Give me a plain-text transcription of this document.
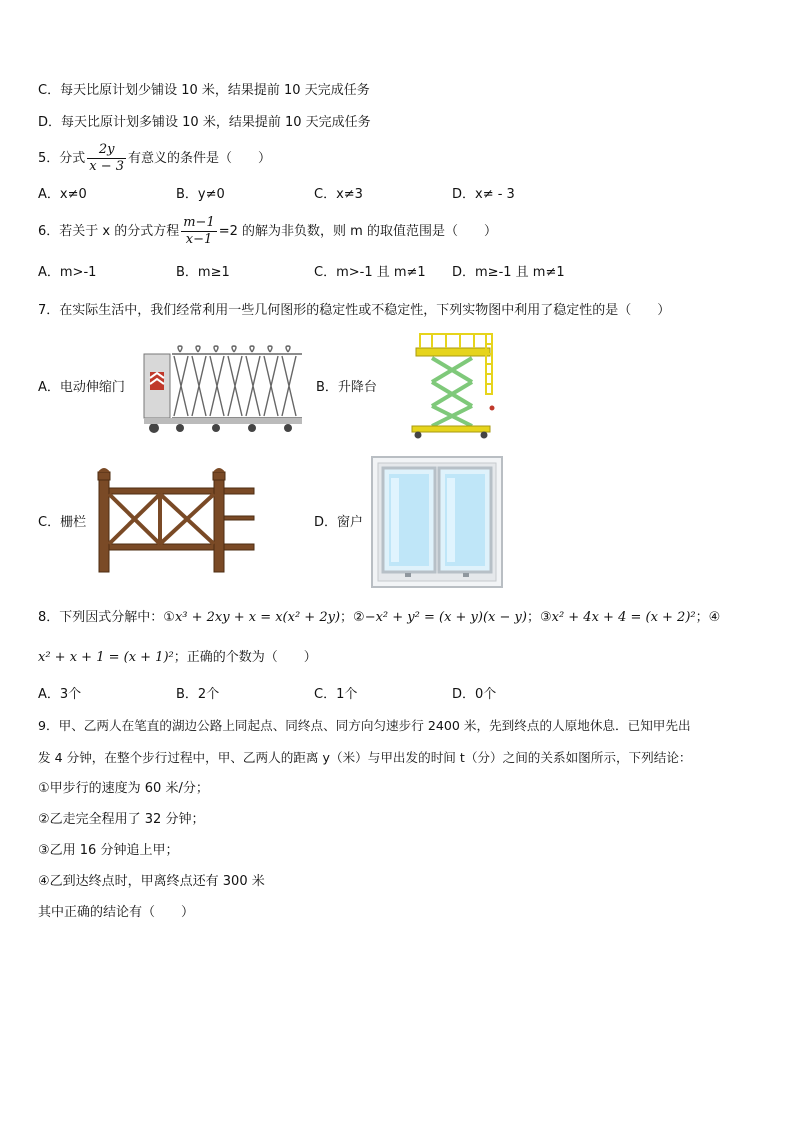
C．每天比原计划少铺设 10 米，结果提前 10 天完成任务
D．每天比原计划多铺设 10 米，结果提前 10 天完成任务
5．分式 $\frac{2y}{x - 3}$ 有意义的条件是（　　）
A．x≠0	B．y≠0	C．x≠3	D．x≠ - 3
6．若关于 x 的分式方程 $\frac{m-1}{x-1} =2$ 的解为非负数，则 m 的取值范围是（　　）
A．m>-1	B．m≥1	C．m>-1 且 m≠1 D．m≥-1 且 m≠1
7．在实际生活中，我们经常利用一些几何图形的稳定性或不稳定性，下列实物图中利用了稳定性的是（　　）
A．电动伸缩门	B．升降台
C．栅栏	D．窗户
8．下列因式分解中：①x³ + 2xy + x = x(x² + 2y)；②−x² + y² = (x + y)(x − y)；③x² + 4x + 4 = (x + 2)²；④
x² + x + 1 = (x + 1)²；正确的个数为（　　）
A．3个	B．2个	C．1个	D．0个
9．甲、乙两人在笔直的湖边公路上同起点、同终点、同方向匀速步行 2400 米，先到终点的人原地休息．已知甲先出
发 4 分钟，在整个步行过程中，甲、乙两人的距离 y（米）与甲出发的时间 t（分）之间的关系如图所示，下列结论：
①甲步行的速度为 60 米/分；
②乙走完全程用了 32 分钟；
③乙用 16 分钟追上甲；
④乙到达终点时，甲离终点还有 300 米
其中正确的结论有（　　）
